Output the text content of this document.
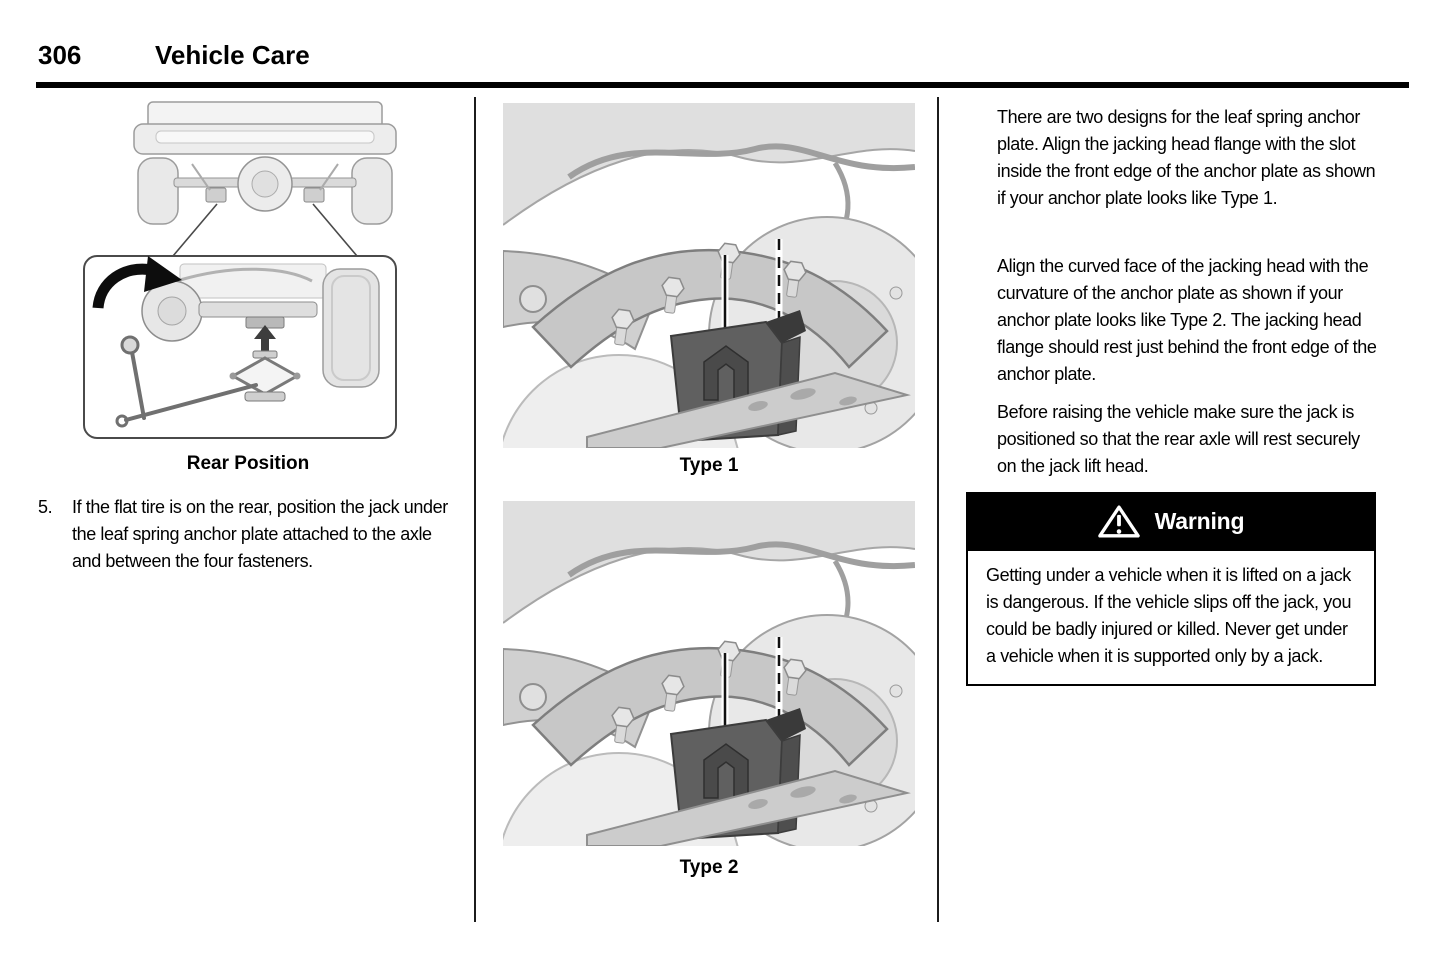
306	Vehicle Care
Rear Position
5.	If the flat tire is on the rear, position the jack under the leaf spring anchor plate attached to the axle and between the four fasteners.
Type 1
Type 2
There are two designs for the leaf spring anchor plate. Align the jacking head flange with the slot inside the front edge of the anchor plate as shown if your anchor plate looks like Type 1.
Align the curved face of the jacking head with the curvature of the anchor plate as shown if your anchor plate looks like Type 2. The jacking head flange should rest just behind the front edge of the anchor plate.
Before raising the vehicle make sure the jack is positioned so that the rear axle will rest securely on the jack lift head.
Warning
Getting under a vehicle when it is lifted on a jack is dangerous. If the vehicle slips off the jack, you could be badly injured or killed. Never get under a vehicle when it is supported only by a jack.
